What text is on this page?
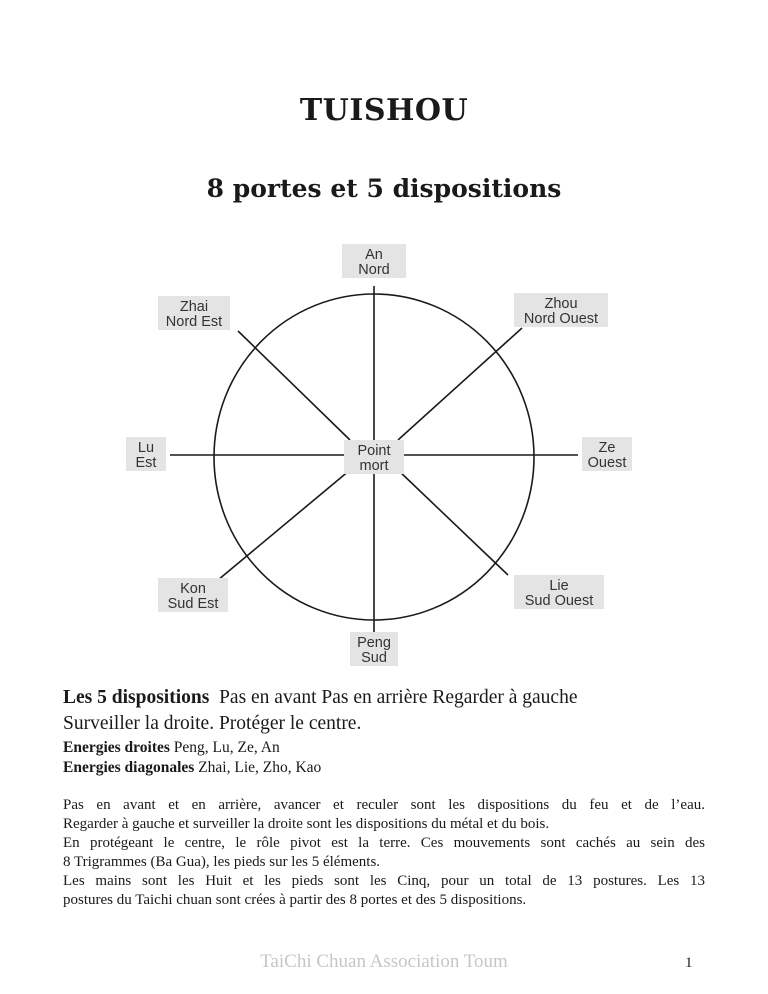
TUISHOU
8 portes et 5 dispositions
An
Nord
Zhai
Nord Est
Zhou
Nord Ouest
Lu
Est
Ze
Ouest
Point
mort
Kon
Sud Est
Lie
Sud Ouest
Peng
Sud
Les 5 dispositions Pas en avant Pas en arrière Regarder à gauche
Surveiller la droite. Protéger le centre.
Energies droites Peng, Lu, Ze, An
Energies diagonales Zhai, Lie, Zho, Kao
Pas en avant et en arrière, avancer et reculer sont les dispositions du feu et de l’eau.
Regarder à gauche et surveiller la droite sont les dispositions du métal et du bois.
En protégeant le centre, le rôle pivot est la terre. Ces mouvements sont cachés au sein des
8 Trigrammes (Ba Gua), les pieds sur les 5 éléments.
Les mains sont les Huit et les pieds sont les Cinq, pour un total de 13 postures. Les 13
postures du Taichi chuan sont crées à partir des 8 portes et des 5 dispositions.
TaiChi Chuan Association Toum	1
